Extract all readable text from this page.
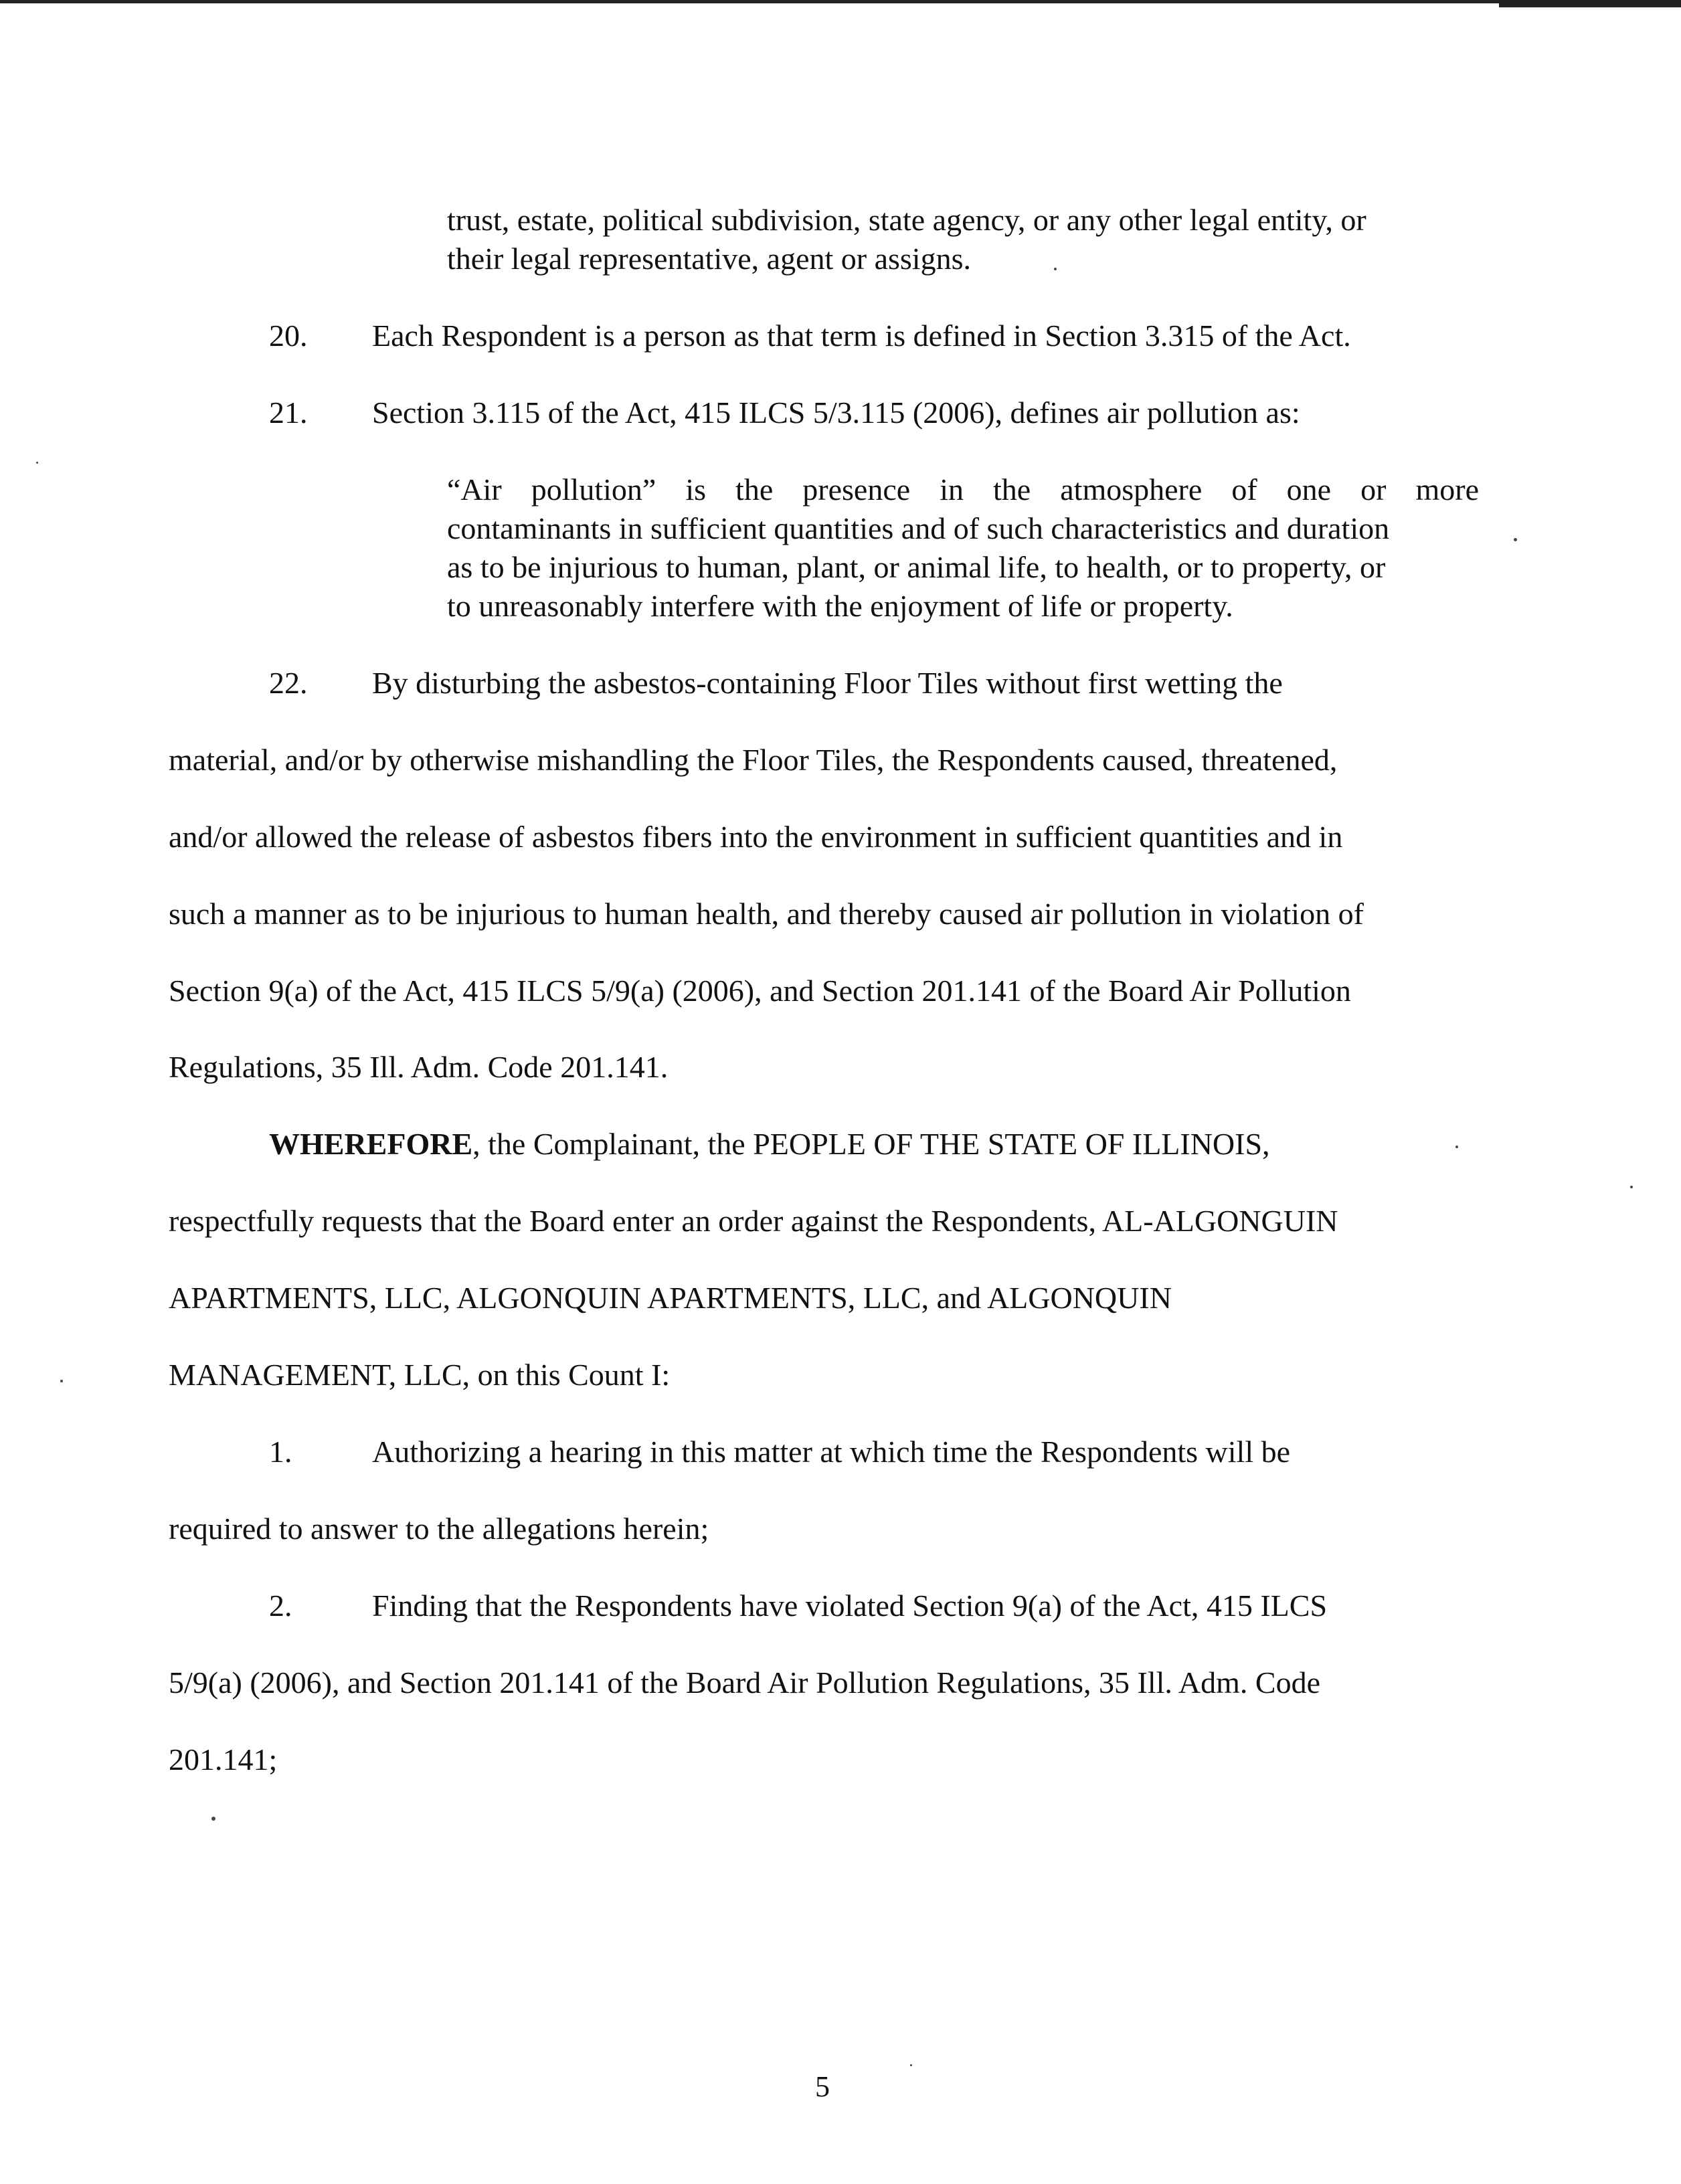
trust, estate, political subdivision, state agency, or any other legal entity, or
their legal representative, agent or assigns.
20. Each Respondent is a person as that term is defined in Section 3.315 of the Act.
21. Section 3.115 of the Act, 415 ILCS 5/3.115 (2006), defines air pollution as:
“Air pollution” is the presence in the atmosphere of one or more
contaminants in sufficient quantities and of such characteristics and duration
as to be injurious to human, plant, or animal life, to health, or to property, or
to unreasonably interfere with the enjoyment of life or property.
22. By disturbing the asbestos-containing Floor Tiles without first wetting the
material, and/or by otherwise mishandling the Floor Tiles, the Respondents caused, threatened,
and/or allowed the release of asbestos fibers into the environment in sufficient quantities and in
such a manner as to be injurious to human health, and thereby caused air pollution in violation of
Section 9(a) of the Act, 415 ILCS 5/9(a) (2006), and Section 201.141 of the Board Air Pollution
Regulations, 35 Ill. Adm. Code 201.141.
WHEREFORE, the Complainant, the PEOPLE OF THE STATE OF ILLINOIS,
respectfully requests that the Board enter an order against the Respondents, AL-ALGONGUIN
APARTMENTS, LLC, ALGONQUIN APARTMENTS, LLC, and ALGONQUIN
MANAGEMENT, LLC, on this Count I:
1.	Authorizing a hearing in this matter at which time the Respondents will be
required to answer to the allegations herein;
2.	Finding that the Respondents have violated Section 9(a) of the Act, 415 ILCS
5/9(a) (2006), and Section 201.141 of the Board Air Pollution Regulations, 35 Ill. Adm. Code
201.141;
5
